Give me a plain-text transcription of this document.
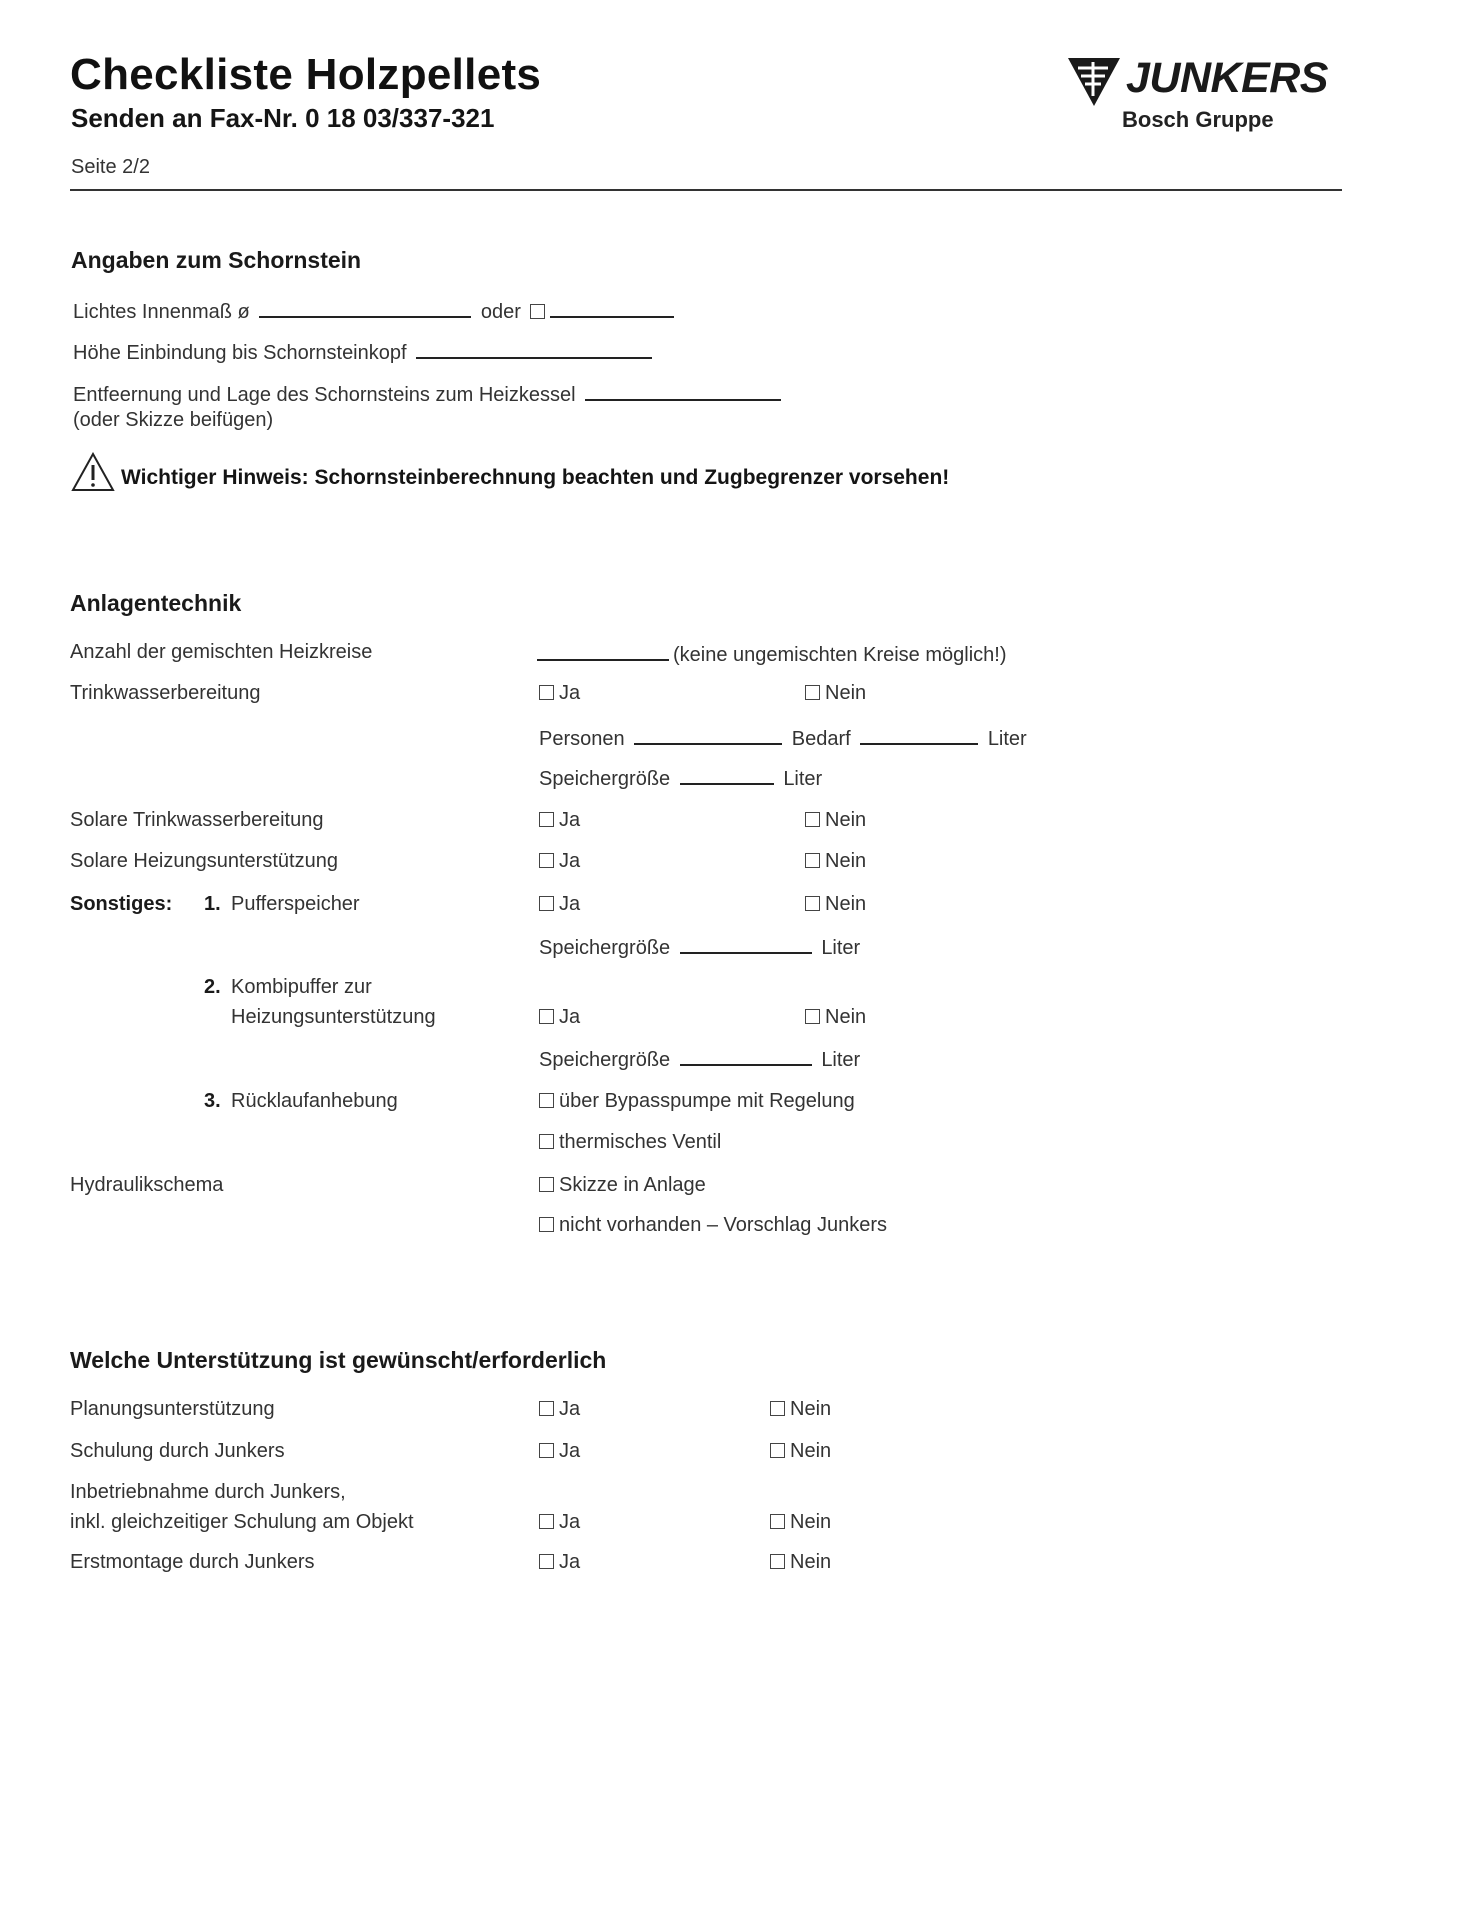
Checkliste Holzpellets
Senden an Fax-Nr. 0 18 03/337-321
Seite 2/2
JUNKERS
Bosch Gruppe
Angaben zum Schornstein
Lichtes Innenmaß ø	oder
Höhe Einbindung bis Schornsteinkopf
Entfeernung und Lage des Schornsteins zum Heizkessel
(oder Skizze beifügen)
Wichtiger Hinweis: Schornsteinberechnung beachten und Zugbegrenzer vorsehen!
Anlagentechnik
Anzahl der gemischten Heizkreise	(keine ungemischten Kreise möglich!)
Trinkwasserbereitung	Ja	Nein
Personen	Bedarf	Liter
Speichergröße	Liter
Solare Trinkwasserbereitung	Ja	Nein
Solare Heizungsunterstützung	Ja	Nein
Sonstiges: 1. Pufferspeicher	Ja	Nein
Speichergröße	Liter
2. Kombipuffer zur
Heizungsunterstützung	Ja	Nein
Speichergröße	Liter
3. Rücklaufanhebung	über Bypasspumpe mit Regelung
thermisches Ventil
Hydraulikschema	Skizze in Anlage
nicht vorhanden – Vorschlag Junkers
Welche Unterstützung ist gewünscht/erforderlich
Planungsunterstützung	Ja	Nein
Schulung durch Junkers	Ja	Nein
Inbetriebnahme durch Junkers,
inkl. gleichzeitiger Schulung am Objekt	Ja	Nein
Erstmontage durch Junkers	Ja	Nein
